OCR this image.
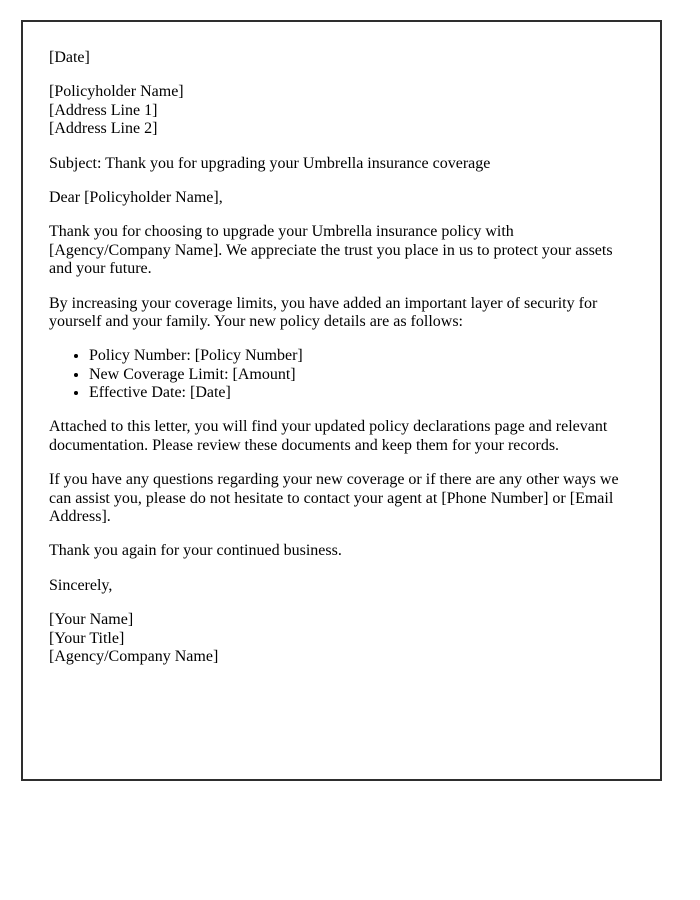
[Date]

[Policyholder Name]
[Address Line 1]
[Address Line 2]

Subject: Thank you for upgrading your Umbrella insurance coverage

Dear [Policyholder Name],

Thank you for choosing to upgrade your Umbrella insurance policy with [Agency/Company Name]. We appreciate the trust you place in us to protect your assets and your future.

By increasing your coverage limits, you have added an important layer of security for yourself and your family. Your new policy details are as follows:

• Policy Number: [Policy Number]
• New Coverage Limit: [Amount]
• Effective Date: [Date]

Attached to this letter, you will find your updated policy declarations page and relevant documentation. Please review these documents and keep them for your records.

If you have any questions regarding your new coverage or if there are any other ways we can assist you, please do not hesitate to contact your agent at [Phone Number] or [Email Address].

Thank you again for your continued business.

Sincerely,

[Your Name]
[Your Title]
[Agency/Company Name]
